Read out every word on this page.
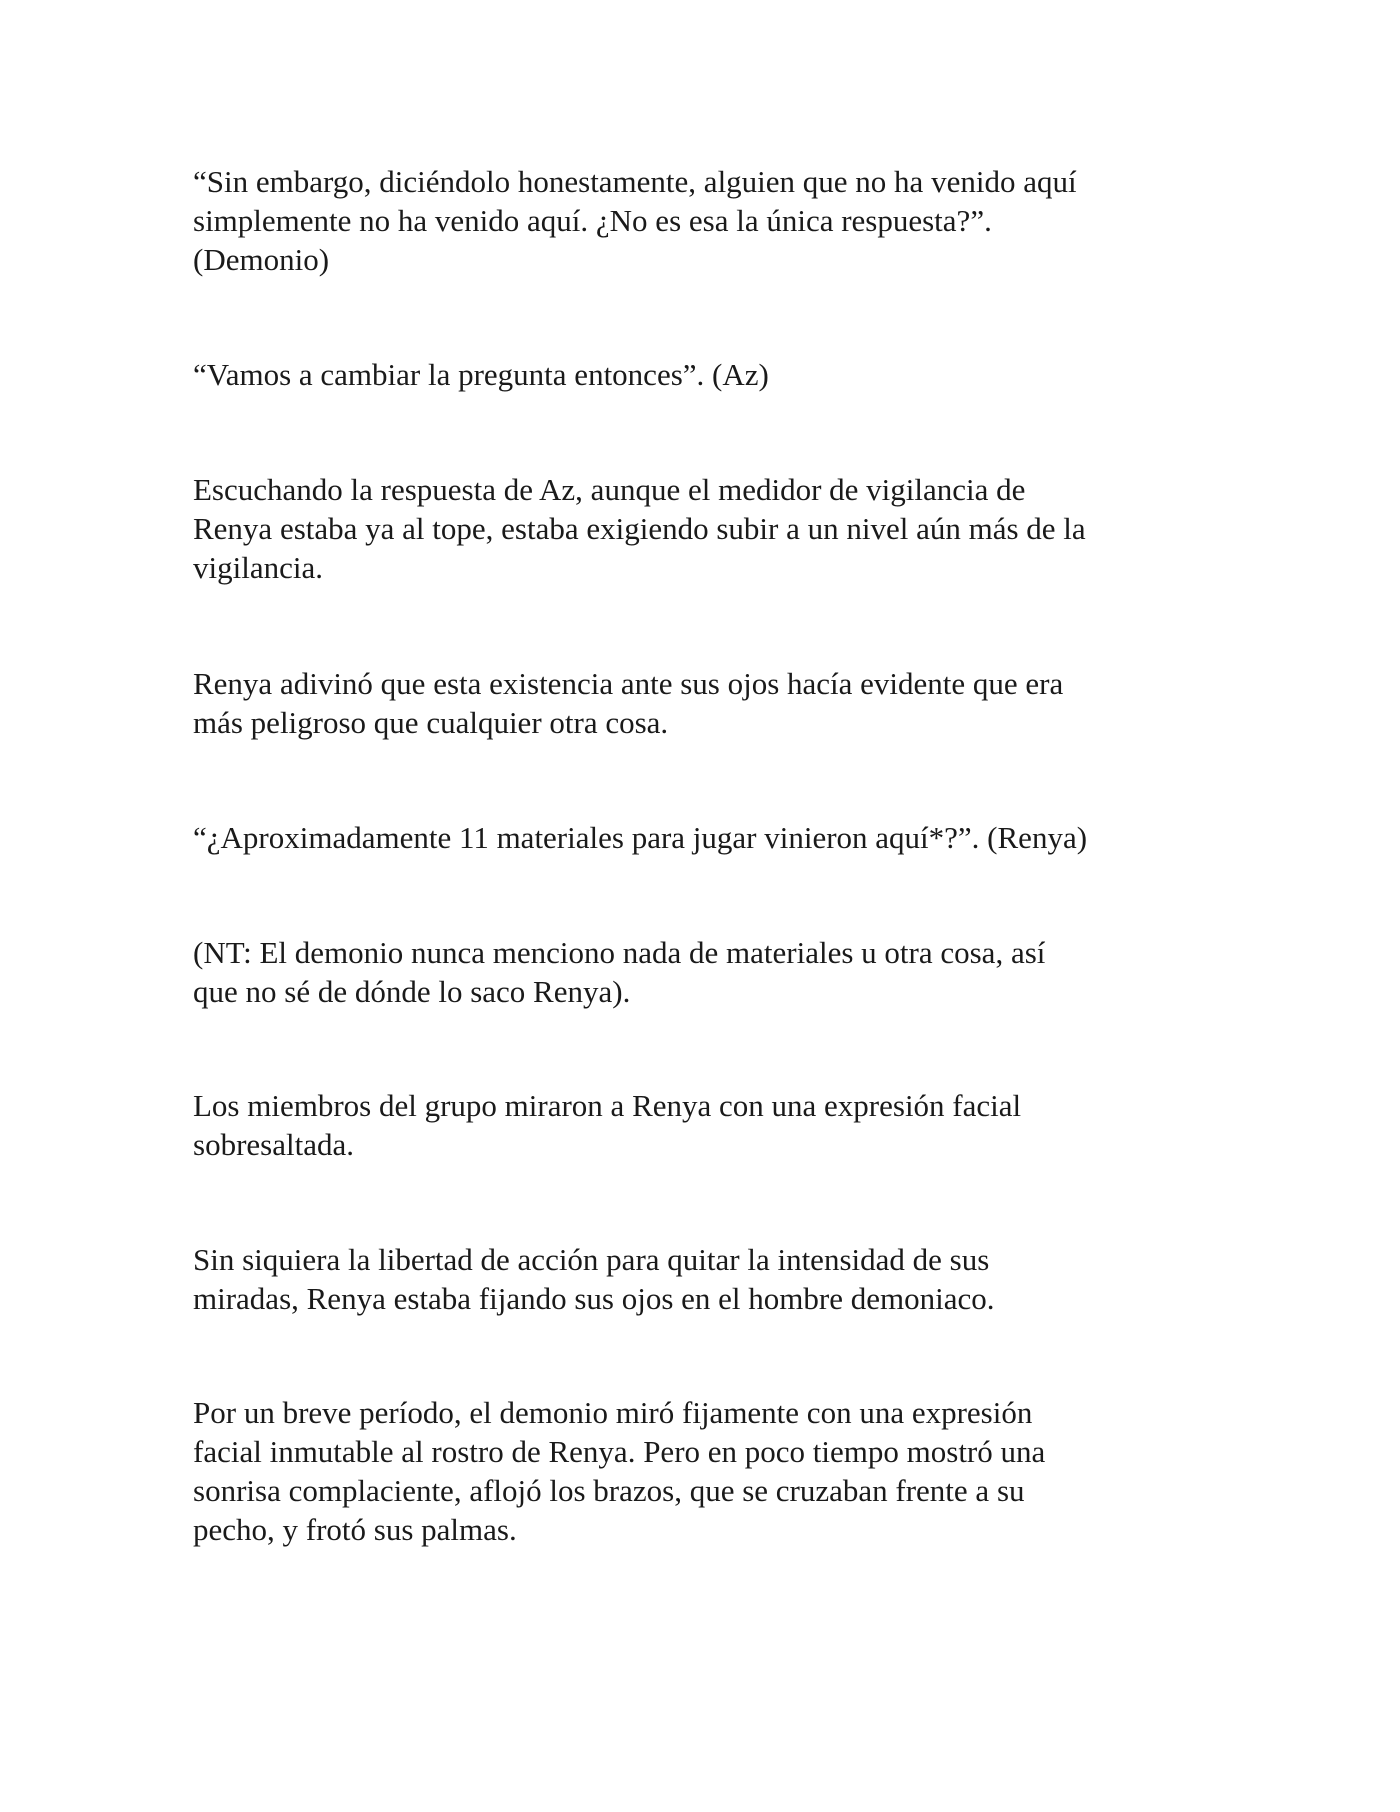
“Sin embargo, diciéndolo honestamente, alguien que no ha venido aquí
simplemente no ha venido aquí. ¿No es esa la única respuesta?”.
(Demonio)

“Vamos a cambiar la pregunta entonces”. (Az)

Escuchando la respuesta de Az, aunque el medidor de vigilancia de
Renya estaba ya al tope, estaba exigiendo subir a un nivel aún más de la
vigilancia.

Renya adivinó que esta existencia ante sus ojos hacía evidente que era
más peligroso que cualquier otra cosa.

“¿Aproximadamente 11 materiales para jugar vinieron aquí*?”. (Renya)

(NT: El demonio nunca menciono nada de materiales u otra cosa, así
que no sé de dónde lo saco Renya).

Los miembros del grupo miraron a Renya con una expresión facial
sobresaltada.

Sin siquiera la libertad de acción para quitar la intensidad de sus
miradas, Renya estaba fijando sus ojos en el hombre demoniaco.

Por un breve período, el demonio miró fijamente con una expresión
facial inmutable al rostro de Renya. Pero en poco tiempo mostró una
sonrisa complaciente, aflojó los brazos, que se cruzaban frente a su
pecho, y frotó sus palmas.
